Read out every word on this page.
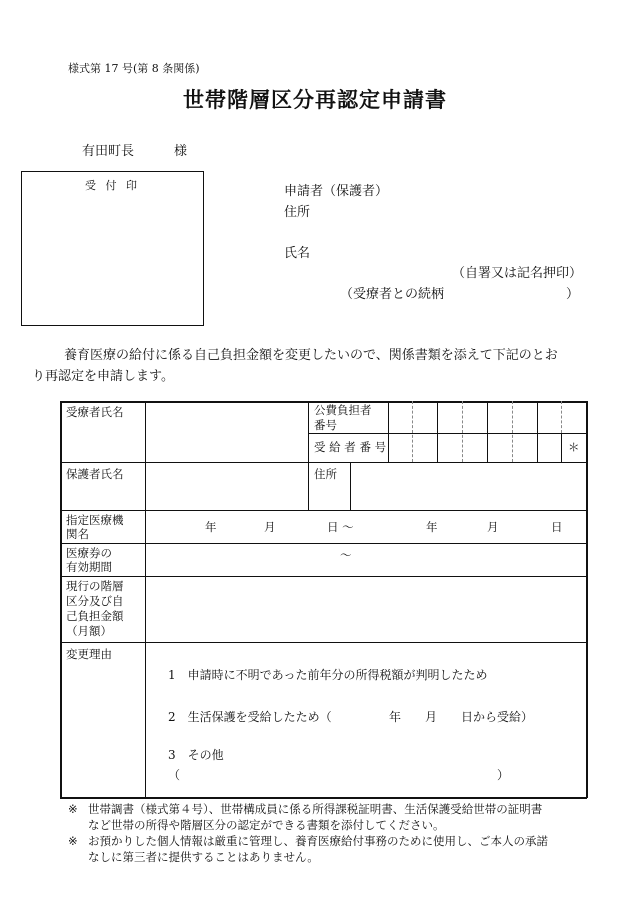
様式第 17 号(第 8 条関係)
世帯階層区分再認定申請書
有田町長	様
受 付 印	申請者（保護者）
住所
氏名
（自署又は記名押印）
（受療者との続柄	）
養育医療の給付に係る自己負担金額を変更したいので、関係書類を添えて下記のとお
り再認定を申請します。
受療者氏名	公費負担者
番号
受 給 者 番 号	＊
保護者氏名	住所
指定医療機
関名	年	月	日 〜	年	月	日
医療券の
有効期間
〜
現行の階層
区分及び自
己負担金額
（月額）
変更理由
1　申請時に不明であった前年分の所得税額が判明したため
2　生活保護を受給したため（	年 月 日から受給）
3　その他
（	）
※ 世帯調書（様式第４号）、世帯構成員に係る所得課税証明書、生活保護受給世帯の証明書
など世帯の所得や階層区分の認定ができる書類を添付してください。
※ お預かりした個人情報は厳重に管理し、養育医療給付事務のために使用し、ご本人の承諾
なしに第三者に提供することはありません。
